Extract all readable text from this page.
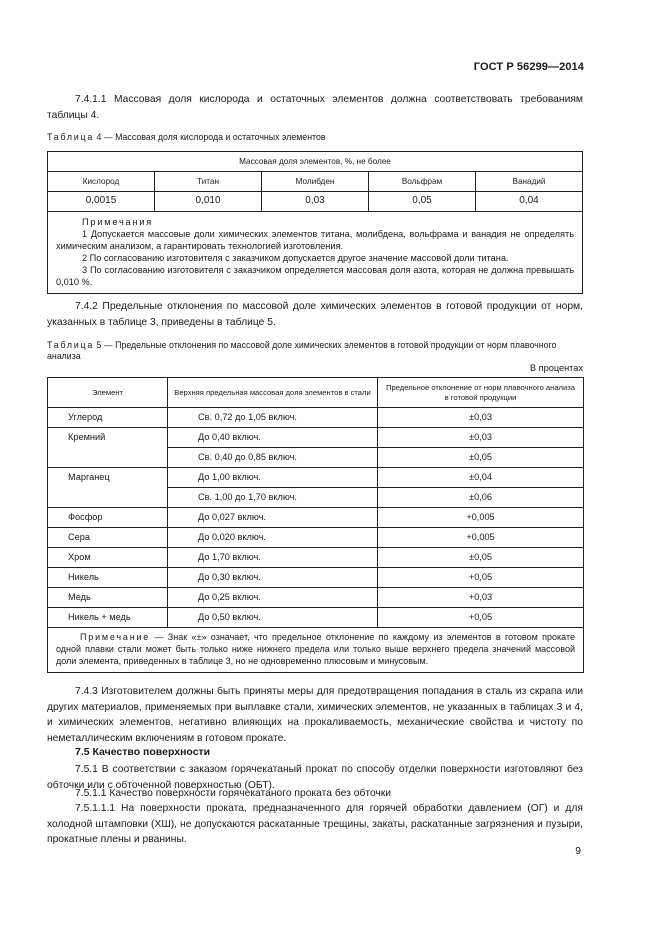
ГОСТ Р 56299—2014

7.4.1.1 Массовая доля кислорода и остаточных элементов должна соответствовать требованиям таблицы 4.

Таблица 4 — Массовая доля кислорода и остаточных элементов
Массовая доля элементов, %, не более				
Кислород	Титан	Молибден	Вольфрам	Ванадий
0,0015	0,010	0,03	0,05	0,04

Примечания
1 Допускается массовые доли химических элементов титана, молибдена, вольфрама и ванадия не определять химическим анализом, а гарантировать технологией изготовления.
2 По согласованию изготовителя с заказчиком допускается другое значение массовой доли титана.
3 По согласованию изготовителя с заказчиком определяется массовая доля азота, которая не должна превышать 0,010 %.				

7.4.2 Предельные отклонения по массовой доле химических элементов в готовой продукции от норм, указанных в таблице 3, приведены в таблице 5.

Таблица 5 — Предельные отклонения по массовой доле химических элементов в готовой продукции от норм плавочного анализа
В процентах
Элемент	Верхняя предельная массовая доля элементов в стали	Предельное отклонение от норм плавочного анализа в готовой продукции
Углерод	Св. 0,72 до 1,05 включ.	±0,03
Кремний	До 0,40 включ.	±0,03
	Св. 0,40 до 0,85 включ.	±0,05
Марганец	До 1,00 включ.	±0,04
	Св. 1,00 до 1,70 включ.	±0,06
Фосфор	До 0,027 включ.	+0,005
Сера	До 0,020 включ.	+0,005
Хром	До 1,70 включ.	±0,05
Никель	До 0,30 включ.	+0,05
Медь	До 0,25 включ.	+0,03
Никель + медь	До 0,50 включ.	+0,05
Примечание — Знак «±» означает, что предельное отклонение по каждому из элементов в готовом прокате одной плавки стали может быть только ниже нижнего предела или только выше верхнего предела значений массовой доли элемента, приведенных в таблице 3, но не одновременно плюсовым и минусовым.		

7.4.3 Изготовителем должны быть приняты меры для предотвращения попадания в сталь из скрапа или других материалов, применяемых при выплавке стали, химических элементов, не указанных в таблицах 3 и 4, и химических элементов, негативно влияющих на прокаливаемость, механические свойства и чистоту по неметаллическим включениям в готовом прокате.

7.5 Качество поверхности

7.5.1 В соответствии с заказом горячекатаный прокат по способу отделки поверхности изготовляют без обточки или с обточенной поверхностью (ОБТ).

7.5.1.1 Качество поверхности горячекатаного проката без обточки

7.5.1.1.1 На поверхности проката, предназначенного для горячей обработки давлением (ОГ) и для холодной штамповки (ХШ), не допускаются раскатанные трещины, закаты, раскатанные загрязнения и пузыри, прокатные плены и рванины.

9
